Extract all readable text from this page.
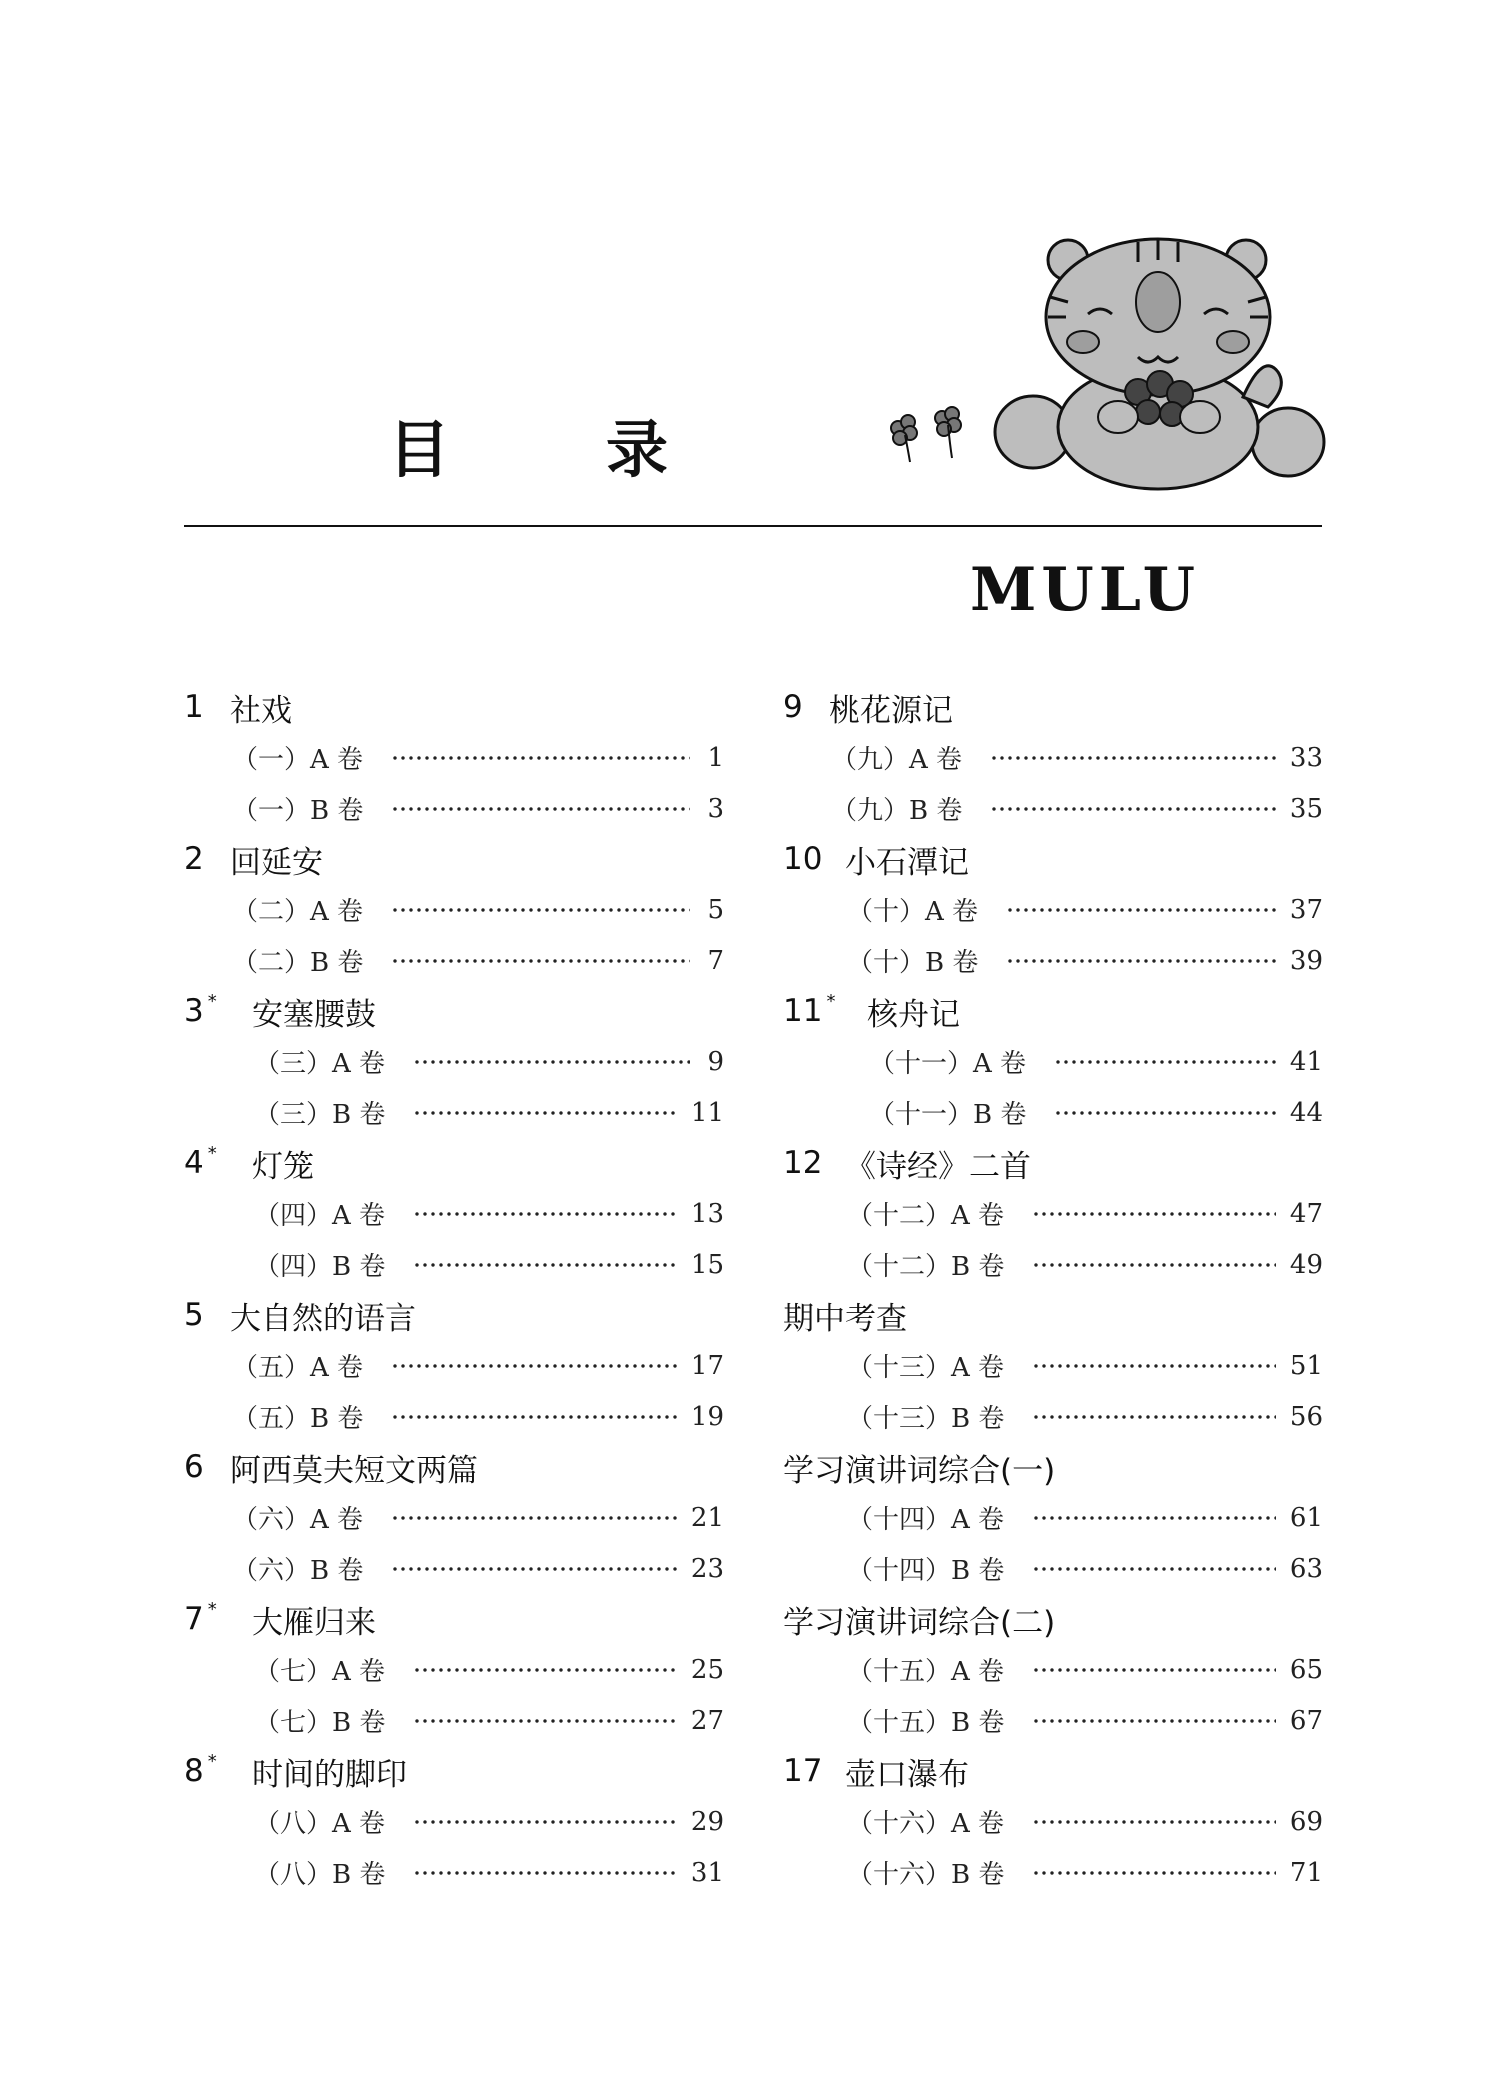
目	录
MULU
1 社戏
（一）A 卷	1
（一）B 卷	3
2 回延安
（二）A 卷	5
（二）B 卷	7
3 * 安塞腰鼓
（三）A 卷	9
（三）B 卷	11
4 * 灯笼
（四）A 卷	13
（四）B 卷	15
5 大自然的语言
（五）A 卷	17
（五）B 卷	19
6 阿西莫夫短文两篇
（六）A 卷	21
（六）B 卷	23
7 * 大雁归来
（七）A 卷	25
（七）B 卷	27
8 * 时间的脚印
（八）A 卷	29
（八）B 卷	31
9 桃花源记
（九）A 卷	33
（九）B 卷	35
10 小石潭记
（十）A 卷	37
（十）B 卷	39
11 * 核舟记
（十一）A 卷	41
（十一）B 卷	44
12 《诗经》二首
（十二）A 卷	47
（十二）B 卷	49
期中考查
（十三）A 卷	51
（十三）B 卷	56
学习演讲词综合(一)
（十四）A 卷	61
（十四）B 卷	63
学习演讲词综合(二)
（十五）A 卷	65
（十五）B 卷	67
17 壶口瀑布
（十六）A 卷	69
（十六）B 卷	71
